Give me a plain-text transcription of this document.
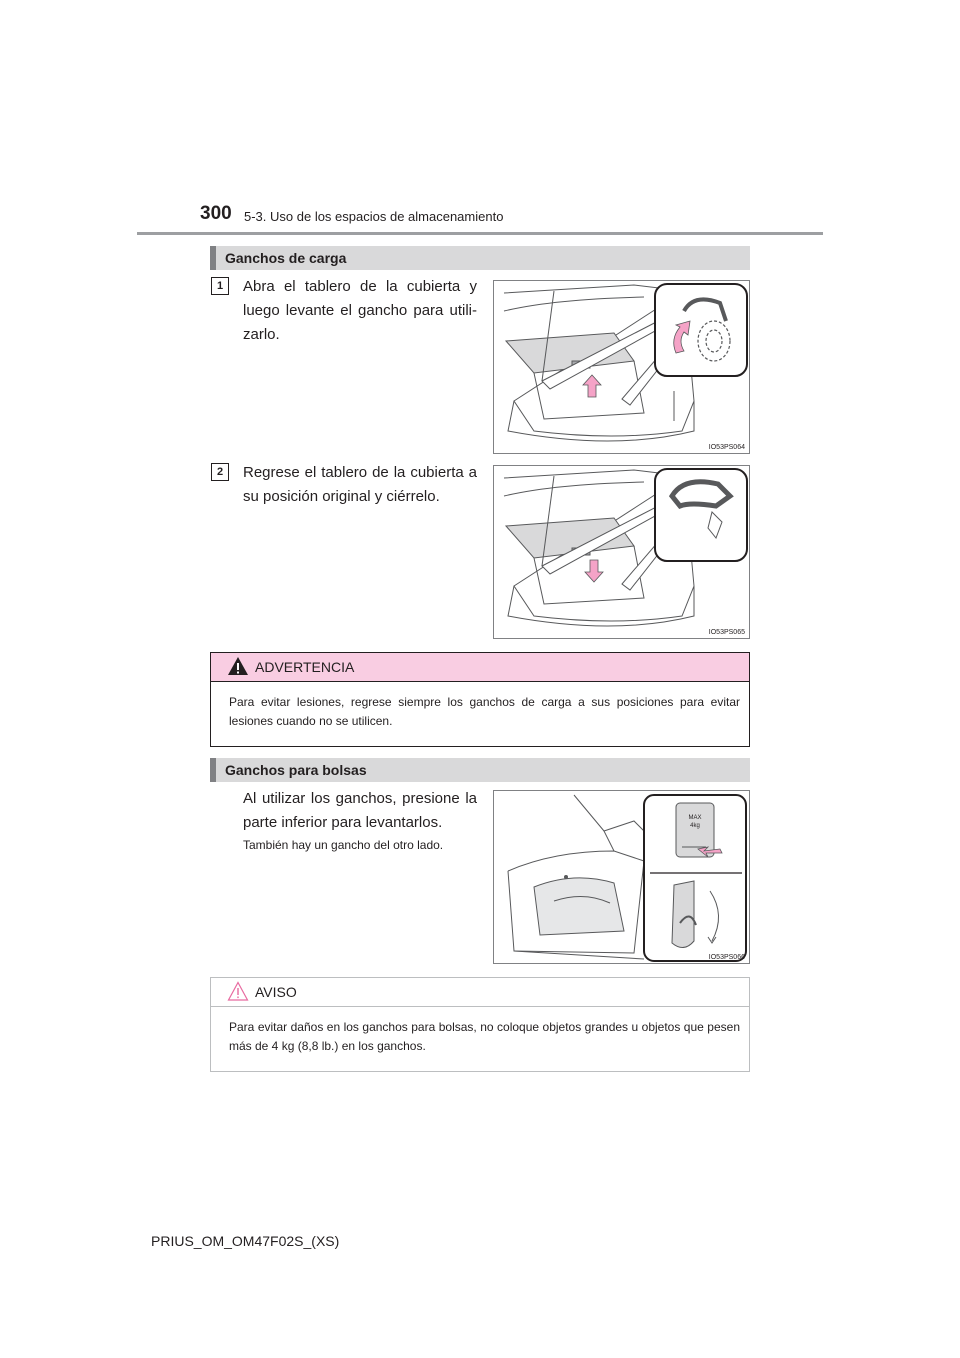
300 5-3. Uso de los espacios de almacenamiento
Ganchos de carga
1	Abra el tablero de la cubierta y luego levante el gancho para utili-zarlo.
IO53PS064
2	Regrese el tablero de la cubierta a su posición original y ciérrelo.
IO53PS065
ADVERTENCIA
Para evitar lesiones, regrese siempre los ganchos de carga a sus posiciones para evitar lesiones cuando no se utilicen.
Ganchos para bolsas
Al utilizar los ganchos, presione la parte inferior para levantarlos.
También hay un gancho del otro lado.
MAX
4kg
IO53PS066
AVISO
Para evitar daños en los ganchos para bolsas, no coloque objetos grandes u objetos que pesen más de 4 kg (8,8 lb.) en los ganchos.
PRIUS_OM_OM47F02S_(XS)
